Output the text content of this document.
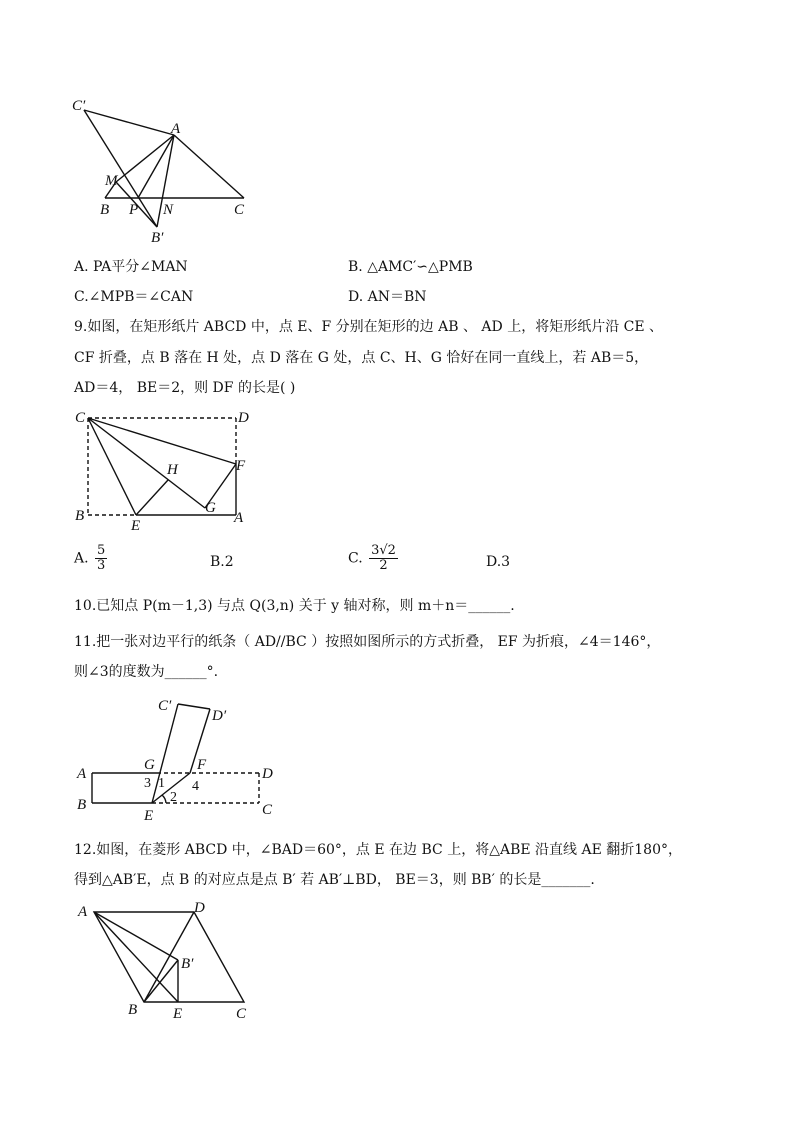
C′
A
M
B P N	C
B′
A. PA平分∠MAN	B. △AMC′∽△PMB
C.∠MPB＝∠CAN	D. AN＝BN
9.如图，在矩形纸片 ABCD 中，点 E、F 分别在矩形的边 AB 、 AD 上，将矩形纸片沿 CE 、
CF 折叠，点 B 落在 H 处，点 D 落在 G 处，点 C、H、G 恰好在同一直线上，若 AB＝5，
AD＝4， BE＝2，则 DF 的长是( )
C	D
H	F
G
B
E	A
A. $\frac{5}{3}$	B.2	C. $\frac{3√2}{2}$	D.3
10.已知点 P(m－1,3) 与点 Q(3,n) 关于 y 轴对称，则 m＋n＝______.
11.把一张对边平行的纸条（ AD//BC ）按照如图所示的方式折叠， EF 为折痕，∠4＝146°，
则∠3的度数为______°.
C′
D′
G	F
A	D
B	C
E
1
2
3	4
12.如图，在菱形 ABCD 中，∠BAD＝60°，点 E 在边 BC 上，将△ABE 沿直线 AE 翻折180°，
得到△AB′E，点 B 的对应点是点 B′ 若 AB′⊥BD， BE＝3，则 BB′ 的长是_______.
A	D
B′
B E	C
